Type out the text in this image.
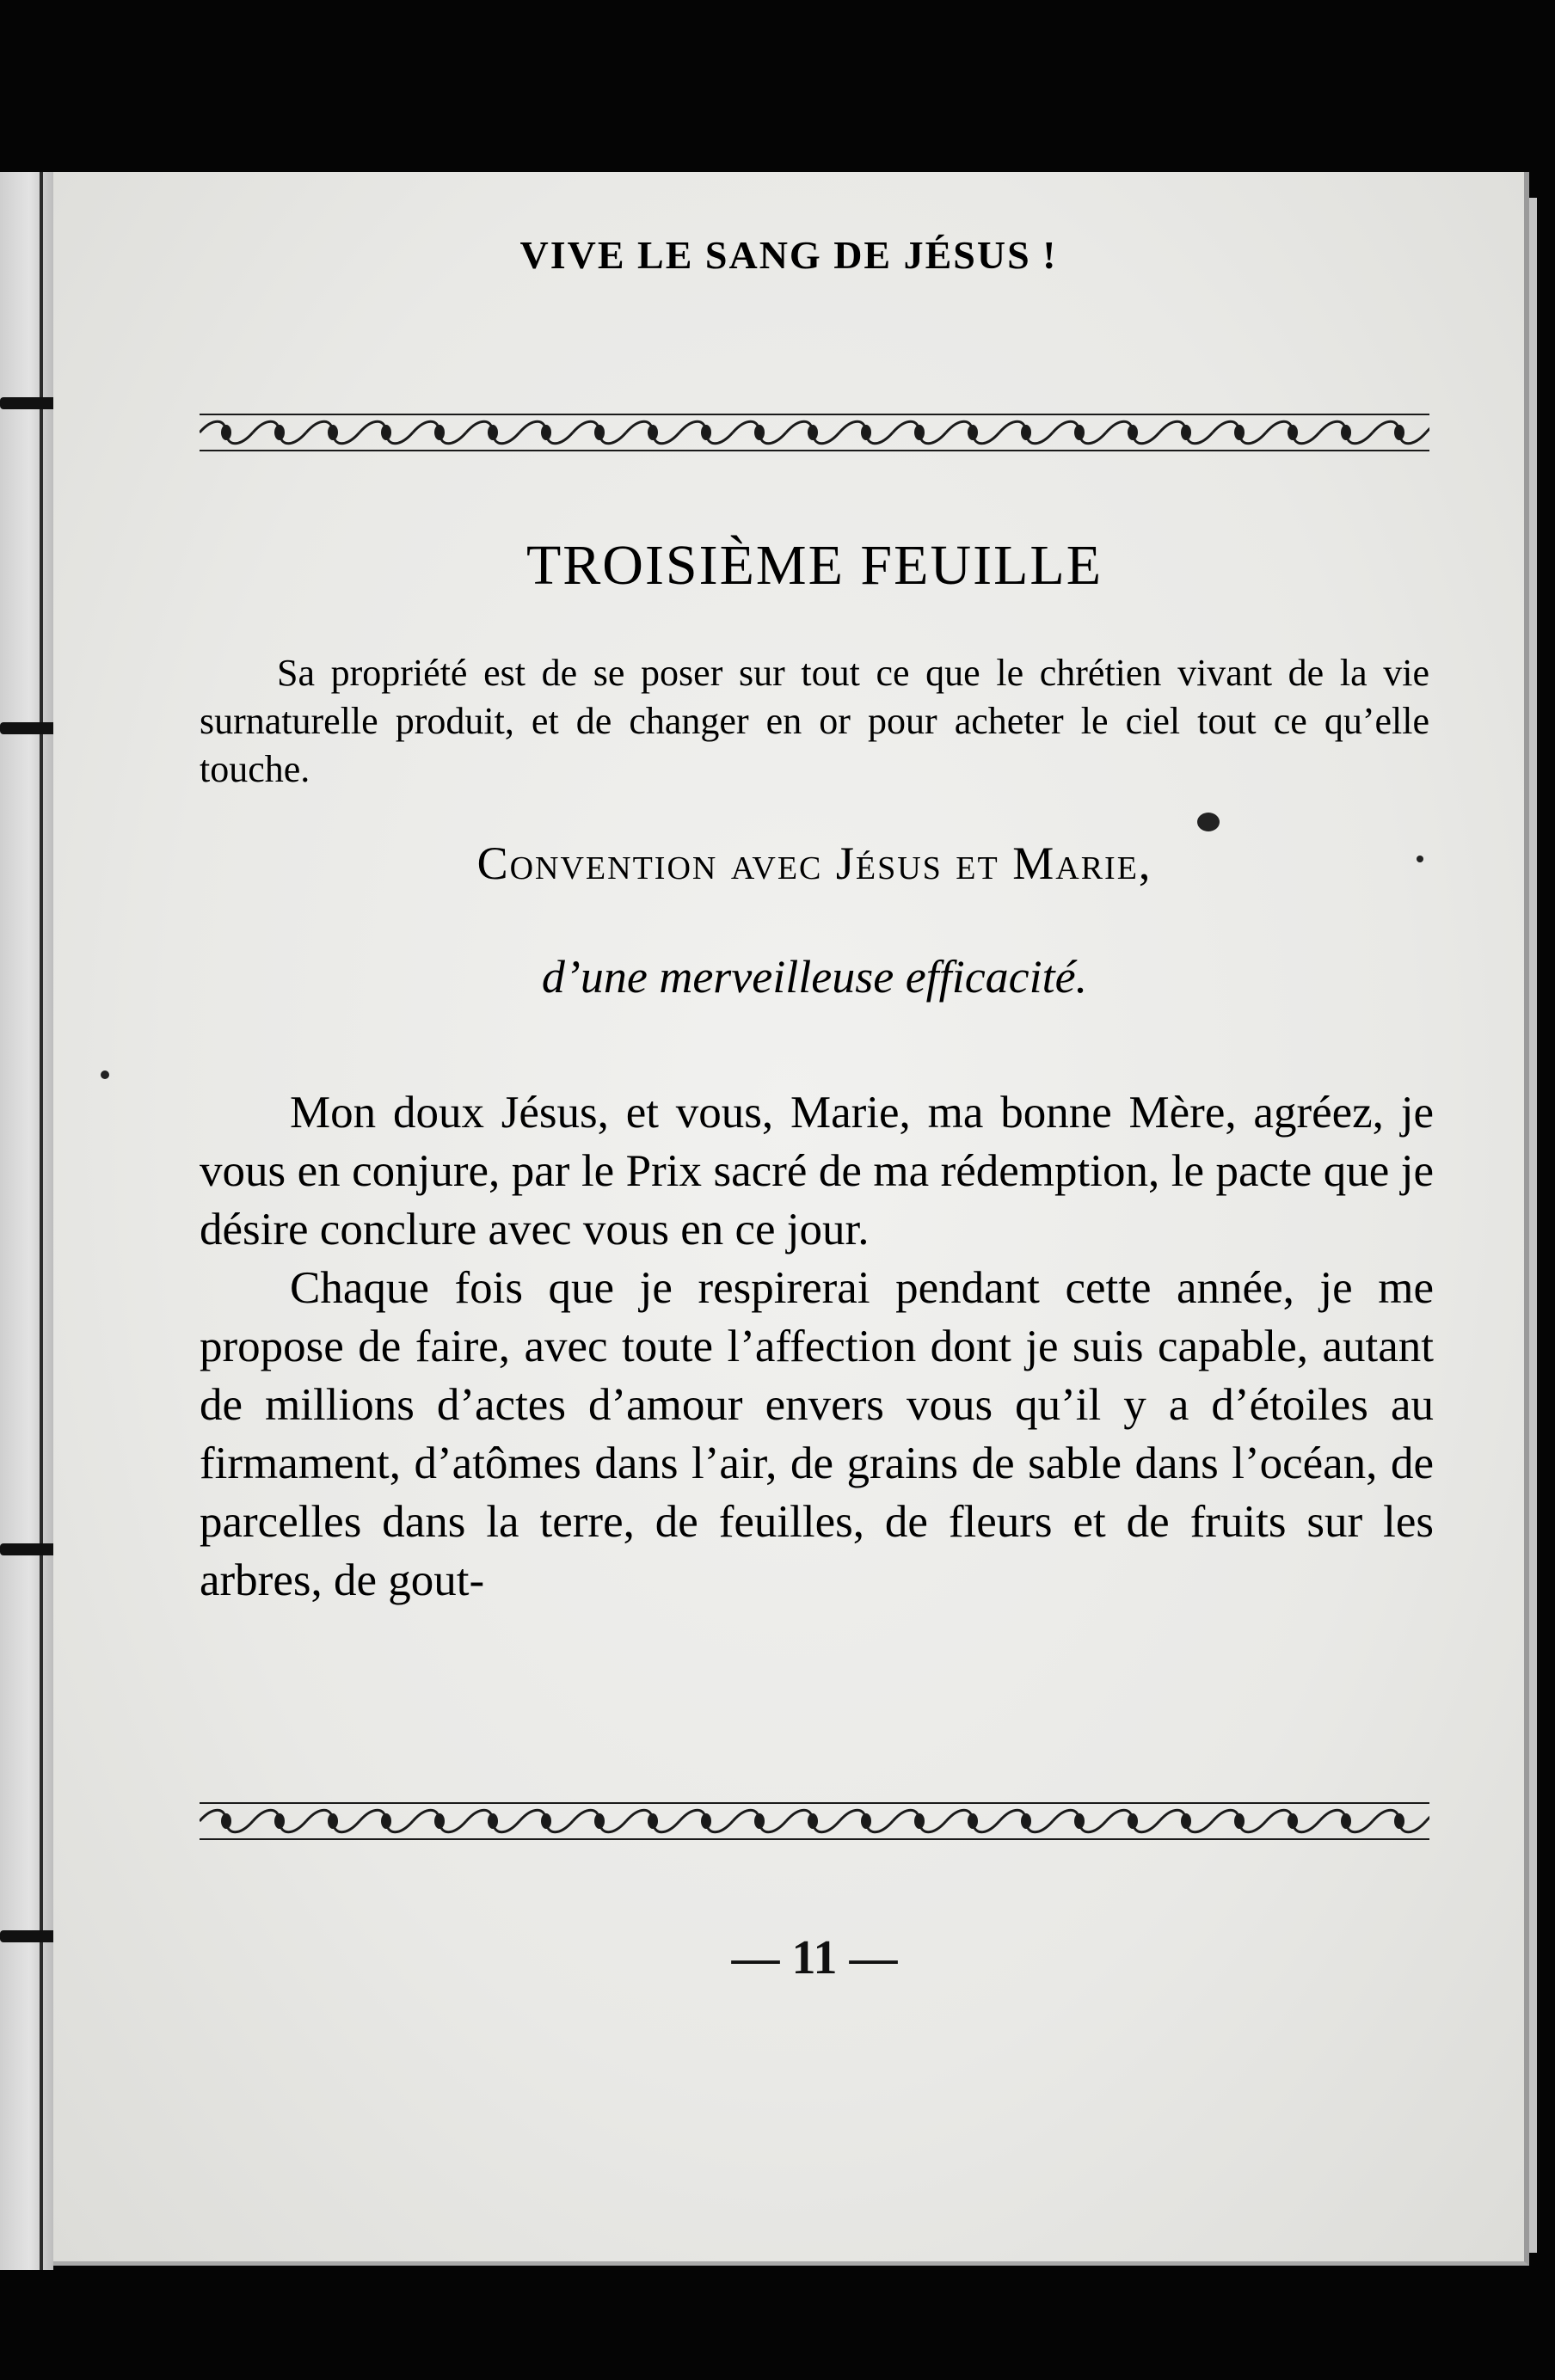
VIVE LE SANG DE JÉSUS !
TROISIÈME FEUILLE

Sa propriété est de se poser sur tout ce que le chrétien vivant de la vie surnaturelle produit, et de changer en or pour acheter le ciel tout ce qu’elle touche.

Convention avec Jésus et Marie,
d’une merveilleuse efficacité.

Mon doux Jésus, et vous, Marie, ma bonne Mère, agréez, je vous en conjure, par le Prix sacré de ma rédemption, le pacte que je désire conclure avec vous en ce jour.

Chaque fois que je respirerai pendant cette année, je me propose de faire, avec toute l’affection dont je suis capable, autant de millions d’actes d’amour envers vous qu’il y a d’étoiles au firmament, d’atômes dans l’air, de grains de sable dans l’océan, de parcelles dans la terre, de feuilles, de fleurs et de fruits sur les arbres, de gout-

— 11 —
